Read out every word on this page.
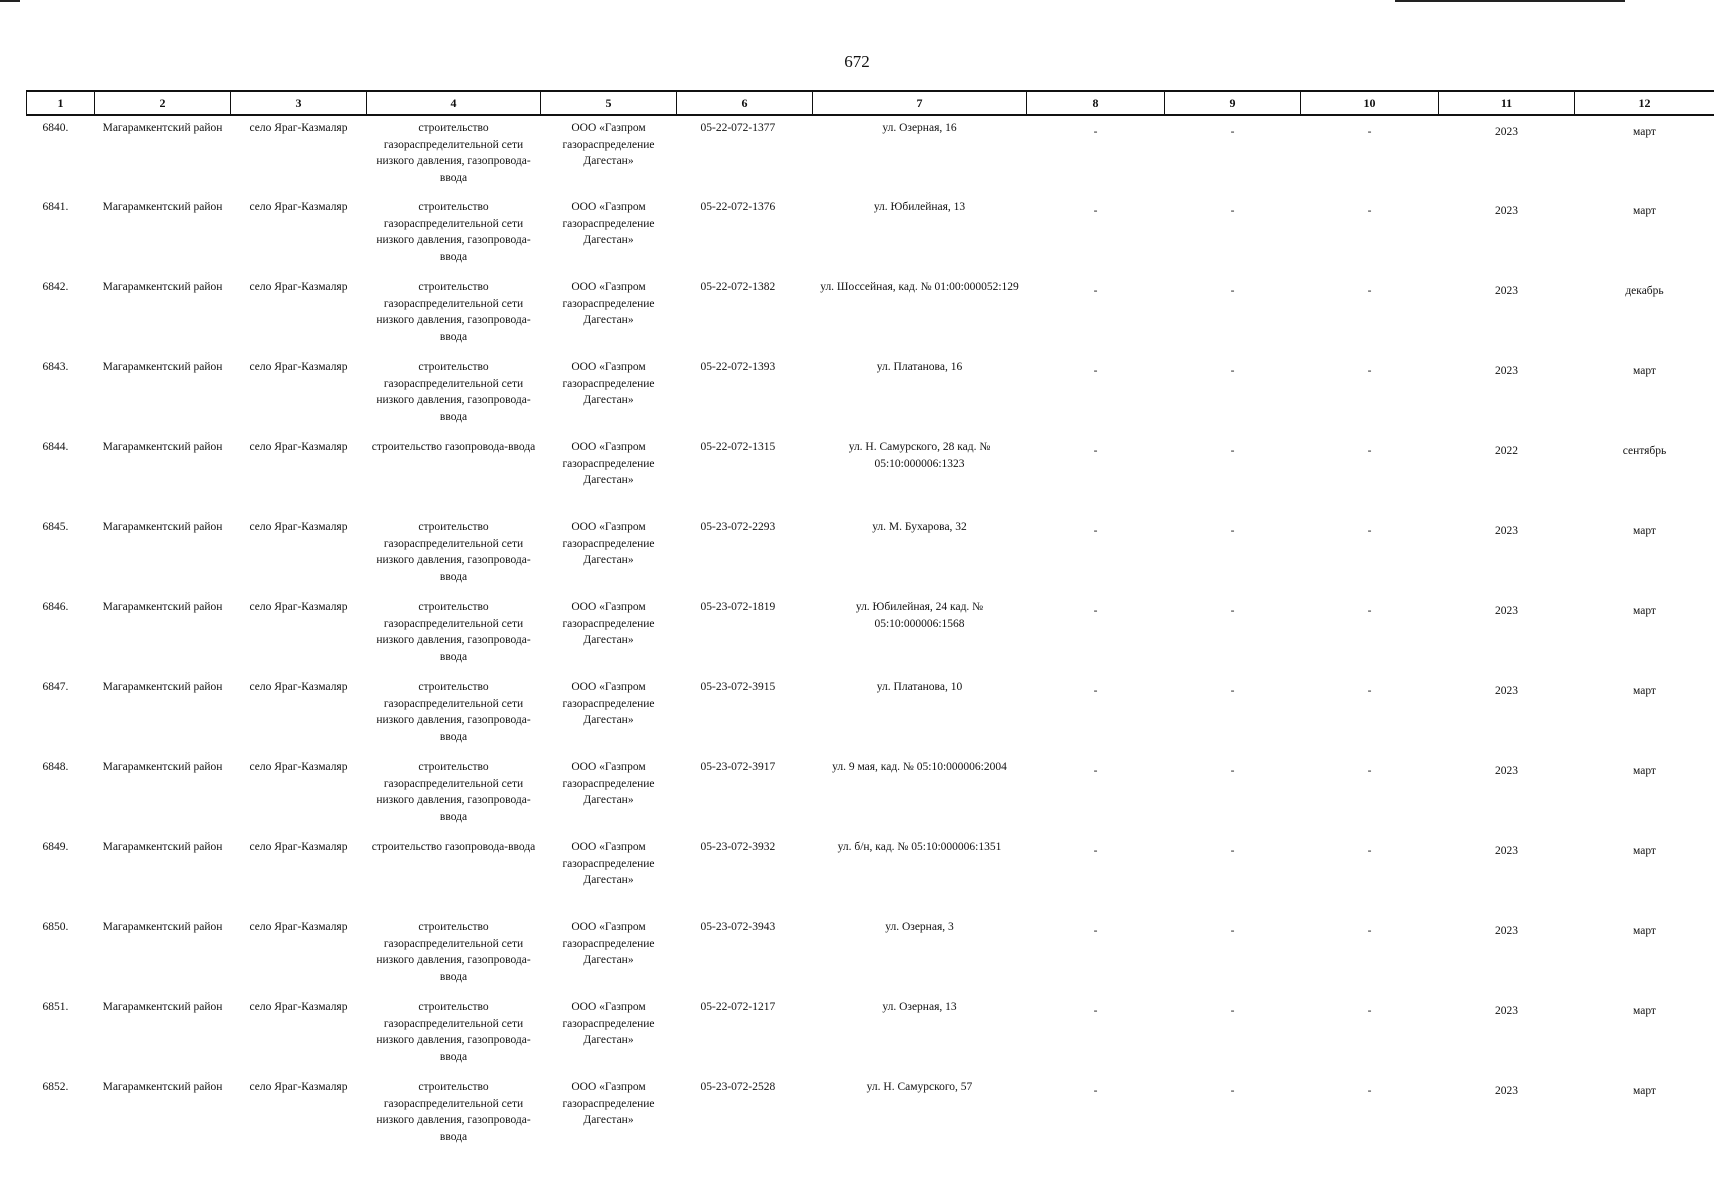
672
1	2	3	4	5	6	7	8	9	10	11	12
6840.	Магарамкентский район	село Яраг-Казмаляр	строительство газораспределительной сети низкого давления, газопровода-ввода	ООО «Газпром газораспределение Дагестан»	05-22-072-1377	ул. Озерная, 16	-	-	-	2023	март
6841.	Магарамкентский район	село Яраг-Казмаляр	строительство газораспределительной сети низкого давления, газопровода-ввода	ООО «Газпром газораспределение Дагестан»	05-22-072-1376	ул. Юбилейная, 13	-	-	-	2023	март
6842.	Магарамкентский район	село Яраг-Казмаляр	строительство газораспределительной сети низкого давления, газопровода-ввода	ООО «Газпром газораспределение Дагестан»	05-22-072-1382	ул. Шоссейная, кад. № 01:00:000052:129	-	-	-	2023	декабрь
6843.	Магарамкентский район	село Яраг-Казмаляр	строительство газораспределительной сети низкого давления, газопровода-ввода	ООО «Газпром газораспределение Дагестан»	05-22-072-1393	ул. Платанова, 16	-	-	-	2023	март
6844.	Магарамкентский район	село Яраг-Казмаляр	строительство газопровода-ввода	ООО «Газпром газораспределение Дагестан»	05-22-072-1315	ул. Н. Самурского, 28 кад. № 05:10:000006:1323	-	-	-	2022	сентябрь
6845.	Магарамкентский район	село Яраг-Казмаляр	строительство газораспределительной сети низкого давления, газопровода-ввода	ООО «Газпром газораспределение Дагестан»	05-23-072-2293	ул. М. Бухарова, 32	-	-	-	2023	март
6846.	Магарамкентский район	село Яраг-Казмаляр	строительство газораспределительной сети низкого давления, газопровода-ввода	ООО «Газпром газораспределение Дагестан»	05-23-072-1819	ул. Юбилейная, 24 кад. № 05:10:000006:1568	-	-	-	2023	март
6847.	Магарамкентский район	село Яраг-Казмаляр	строительство газораспределительной сети низкого давления, газопровода-ввода	ООО «Газпром газораспределение Дагестан»	05-23-072-3915	ул. Платанова, 10	-	-	-	2023	март
6848.	Магарамкентский район	село Яраг-Казмаляр	строительство газораспределительной сети низкого давления, газопровода-ввода	ООО «Газпром газораспределение Дагестан»	05-23-072-3917	ул. 9 мая, кад. № 05:10:000006:2004	-	-	-	2023	март
6849.	Магарамкентский район	село Яраг-Казмаляр	строительство газопровода-ввода	ООО «Газпром газораспределение Дагестан»	05-23-072-3932	ул. б/н, кад. № 05:10:000006:1351	-	-	-	2023	март
6850.	Магарамкентский район	село Яраг-Казмаляр	строительство газораспределительной сети низкого давления, газопровода-ввода	ООО «Газпром газораспределение Дагестан»	05-23-072-3943	ул. Озерная, 3	-	-	-	2023	март
6851.	Магарамкентский район	село Яраг-Казмаляр	строительство газораспределительной сети низкого давления, газопровода-ввода	ООО «Газпром газораспределение Дагестан»	05-22-072-1217	ул. Озерная, 13	-	-	-	2023	март
6852.	Магарамкентский район	село Яраг-Казмаляр	строительство газораспределительной сети низкого давления, газопровода-ввода	ООО «Газпром газораспределение Дагестан»	05-23-072-2528	ул. Н. Самурского, 57	-	-	-	2023	март
